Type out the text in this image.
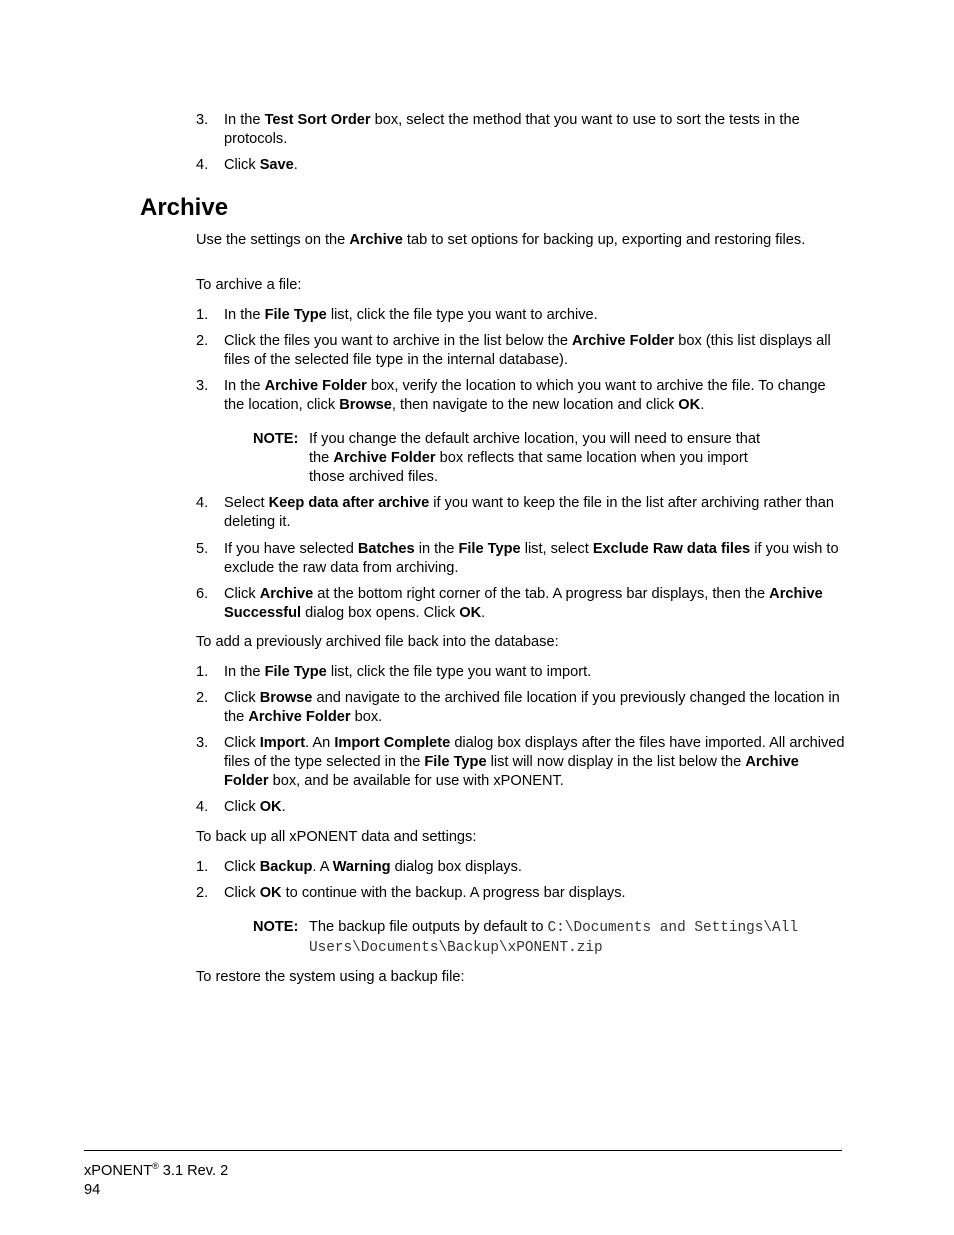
3. In the Test Sort Order box, select the method that you want to use to sort the tests in the protocols.
4. Click Save.
Archive
Use the settings on the Archive tab to set options for backing up, exporting and restoring files.
To archive a file:
1. In the File Type list, click the file type you want to archive.
2. Click the files you want to archive in the list below the Archive Folder box (this list displays all files of the selected file type in the internal database).
3. In the Archive Folder box, verify the location to which you want to archive the file. To change the location, click Browse, then navigate to the new location and click OK.
NOTE: If you change the default archive location, you will need to ensure that the Archive Folder box reflects that same location when you import those archived files.
4. Select Keep data after archive if you want to keep the file in the list after archiving rather than deleting it.
5. If you have selected Batches in the File Type list, select Exclude Raw data files if you wish to exclude the raw data from archiving.
6. Click Archive at the bottom right corner of the tab. A progress bar displays, then the Archive Successful dialog box opens. Click OK.
To add a previously archived file back into the database:
1. In the File Type list, click the file type you want to import.
2. Click Browse and navigate to the archived file location if you previously changed the location in the Archive Folder box.
3. Click Import. An Import Complete dialog box displays after the files have imported. All archived files of the type selected in the File Type list will now display in the list below the Archive Folder box, and be available for use with xPONENT.
4. Click OK.
To back up all xPONENT data and settings:
1. Click Backup. A Warning dialog box displays.
2. Click OK to continue with the backup. A progress bar displays.
NOTE: The backup file outputs by default to C:\Documents and Settings\All Users\Documents\Backup\xPONENT.zip
To restore the system using a backup file:
xPONENT® 3.1 Rev. 2
94
